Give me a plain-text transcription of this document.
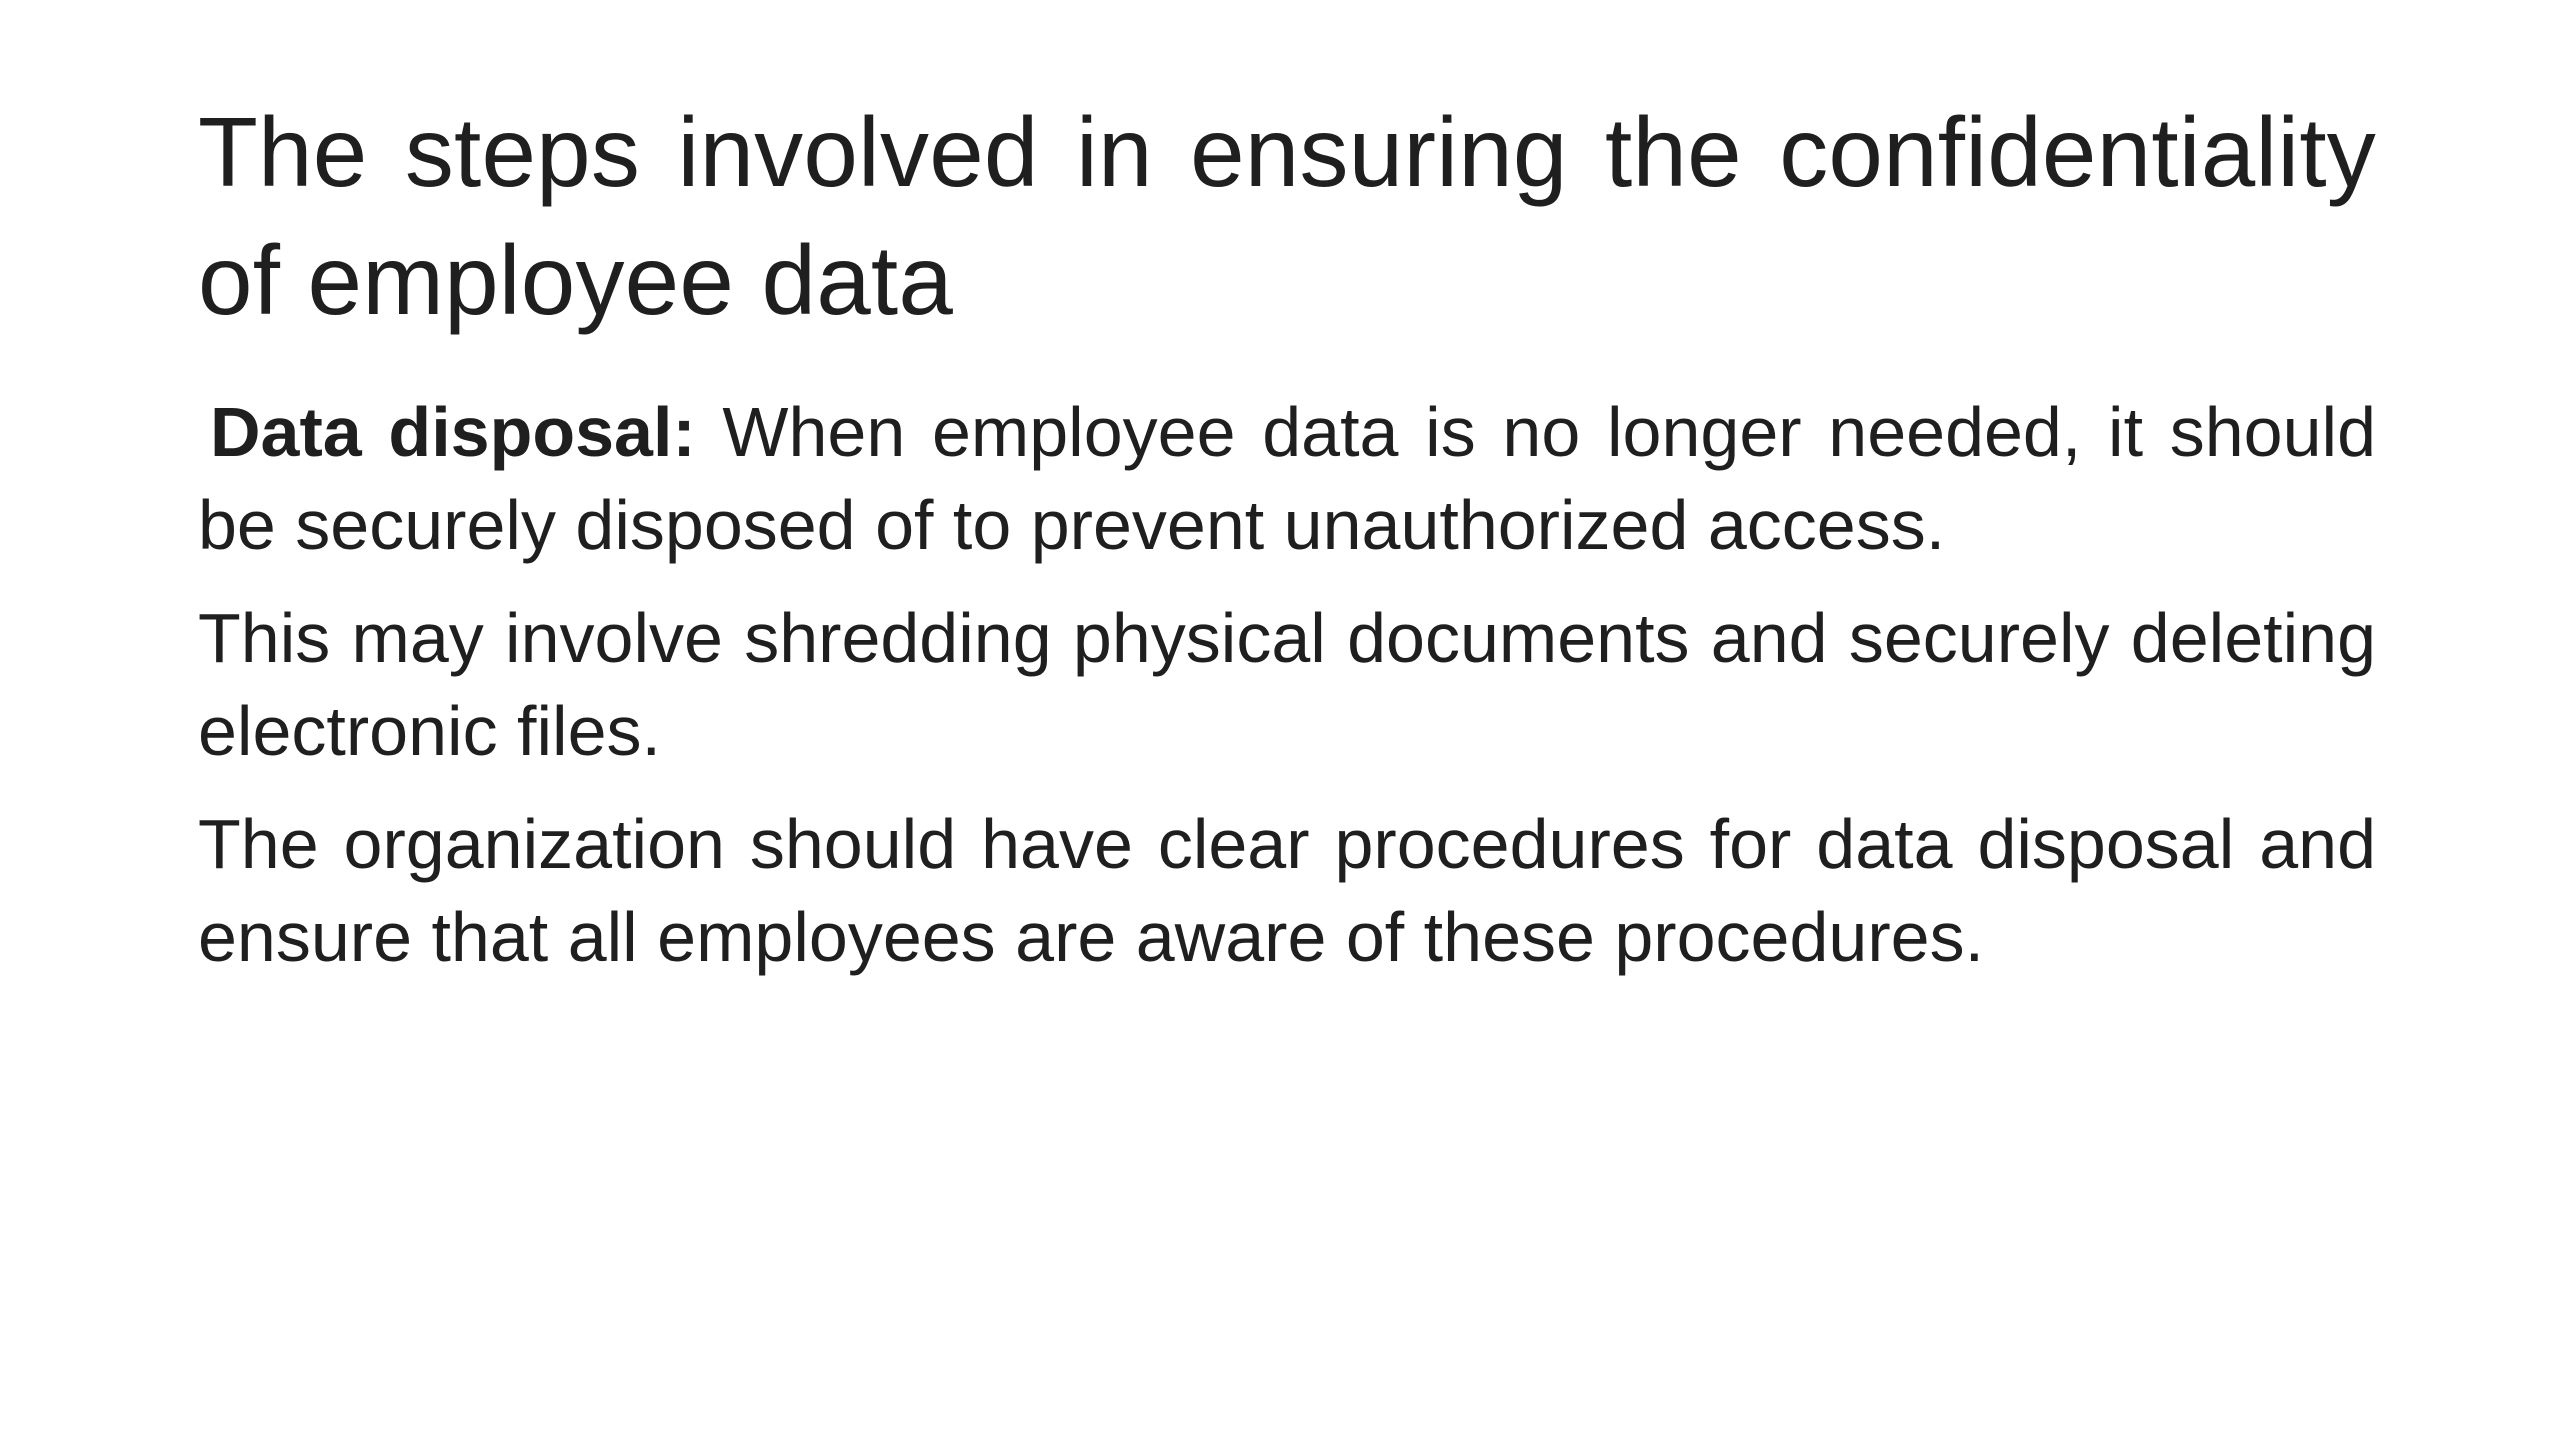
The steps involved in ensuring the confidentiality of employee data

Data disposal: When employee data is no longer needed, it should be securely disposed of to prevent unauthorized access.

This may involve shredding physical documents and securely deleting electronic files.

The organization should have clear procedures for data disposal and ensure that all employees are aware of these procedures.
